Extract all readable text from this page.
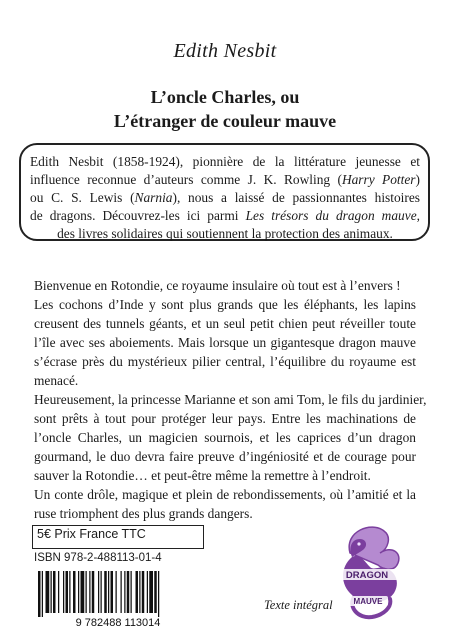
Edith Nesbit
L’oncle Charles, ou
L’étranger de couleur mauve
Edith Nesbit (1858-1924), pionnière de la littérature jeunesse et
influence reconnue d’auteurs comme J. K. Rowling (Harry Potter)
ou C. S. Lewis (Narnia), nous a laissé de passionnantes histoires
de dragons. Découvrez-les ici parmi Les trésors du dragon mauve,
des livres solidaires qui soutiennent la protection des animaux.
Bienvenue en Rotondie, ce royaume insulaire où tout est à l’envers !
Les cochons d’Inde y sont plus grands que les éléphants, les lapins
creusent des tunnels géants, et un seul petit chien peut réveiller toute
l’île avec ses aboiements. Mais lorsque un gigantesque dragon mauve
s’écrase près du mystérieux pilier central, l’équilibre du royaume est
menacé.
Heureusement, la princesse Marianne et son ami Tom, le fils du jardinier,
sont prêts à tout pour protéger leur pays. Entre les machinations de
l’oncle Charles, un magicien sournois, et les caprices d’un dragon
gourmand, le duo devra faire preuve d’ingéniosité et de courage pour
sauver la Rotondie… et peut-être même la remettre à l’endroit.
Un conte drôle, magique et plein de rebondissements, où l’amitié et la
ruse triomphent des plus grands dangers.
5€ Prix France TTC
ISBN 978-2-488113-01-4
9 782488 113014
Texte intégral
DRAGON
MAUVE
